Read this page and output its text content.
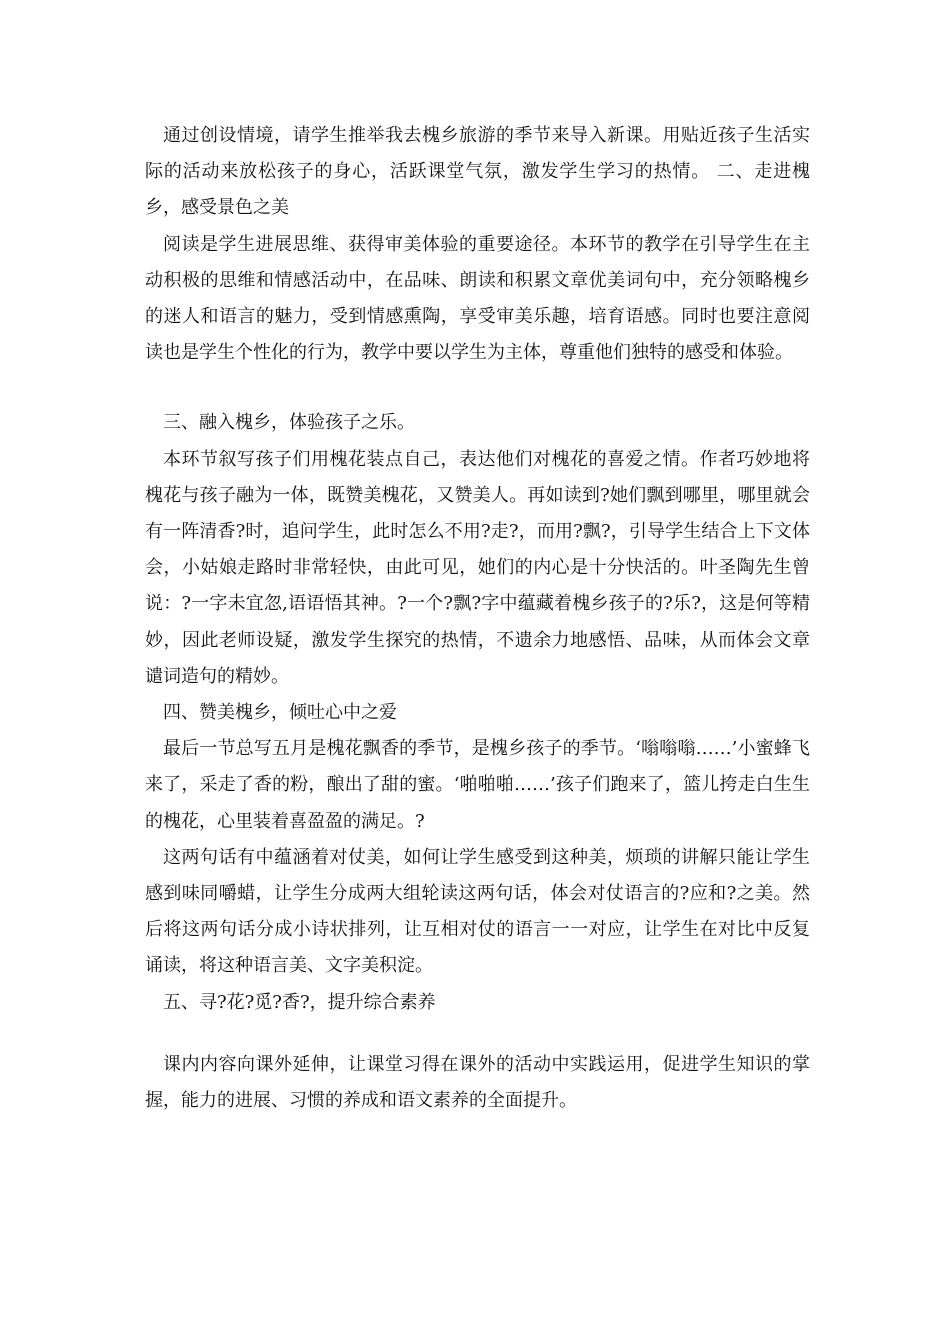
通过创设情境，请学生推举我去槐乡旅游的季节来导入新课。用贴近孩子生活实际的活动来放松孩子的身心，活跃课堂气氛，激发学生学习的热情。 二、走进槐乡，感受景色之美

阅读是学生进展思维、获得审美体验的重要途径。本环节的教学在引导学生在主动积极的思维和情感活动中，在品味、朗读和积累文章优美词句中，充分领略槐乡的迷人和语言的魅力，受到情感熏陶，享受审美乐趣，培育语感。同时也要注意阅读也是学生个性化的行为，教学中要以学生为主体，尊重他们独特的感受和体验。

三、融入槐乡，体验孩子之乐。

本环节叙写孩子们用槐花装点自己，表达他们对槐花的喜爱之情。作者巧妙地将槐花与孩子融为一体，既赞美槐花，又赞美人。再如读到?她们飘到哪里，哪里就会有一阵清香?时，追问学生，此时怎么不用?走?，而用?飘?，引导学生结合上下文体会，小姑娘走路时非常轻快，由此可见，她们的内心是十分快活的。叶圣陶先生曾说：?一字未宜忽,语语悟其神。?一个?飘?字中蕴藏着槐乡孩子的?乐?，这是何等精妙，因此老师设疑，激发学生探究的热情，不遗余力地感悟、品味，从而体会文章谴词造句的精妙。

四、赞美槐乡，倾吐心中之爱

最后一节总写五月是槐花飘香的季节，是槐乡孩子的季节。‘嗡嗡嗡……’小蜜蜂飞来了，采走了香的粉，酿出了甜的蜜。‘啪啪啪……’孩子们跑来了，篮儿挎走白生生的槐花，心里装着喜盈盈的满足。?

这两句话有中蕴涵着对仗美，如何让学生感受到这种美，烦琐的讲解只能让学生感到味同嚼蜡，让学生分成两大组轮读这两句话，体会对仗语言的?应和?之美。然后将这两句话分成小诗状排列，让互相对仗的语言一一对应，让学生在对比中反复诵读，将这种语言美、文字美积淀。

五、寻?花?觅?香?，提升综合素养

课内内容向课外延伸，让课堂习得在课外的活动中实践运用，促进学生知识的掌握，能力的进展、习惯的养成和语文素养的全面提升。
